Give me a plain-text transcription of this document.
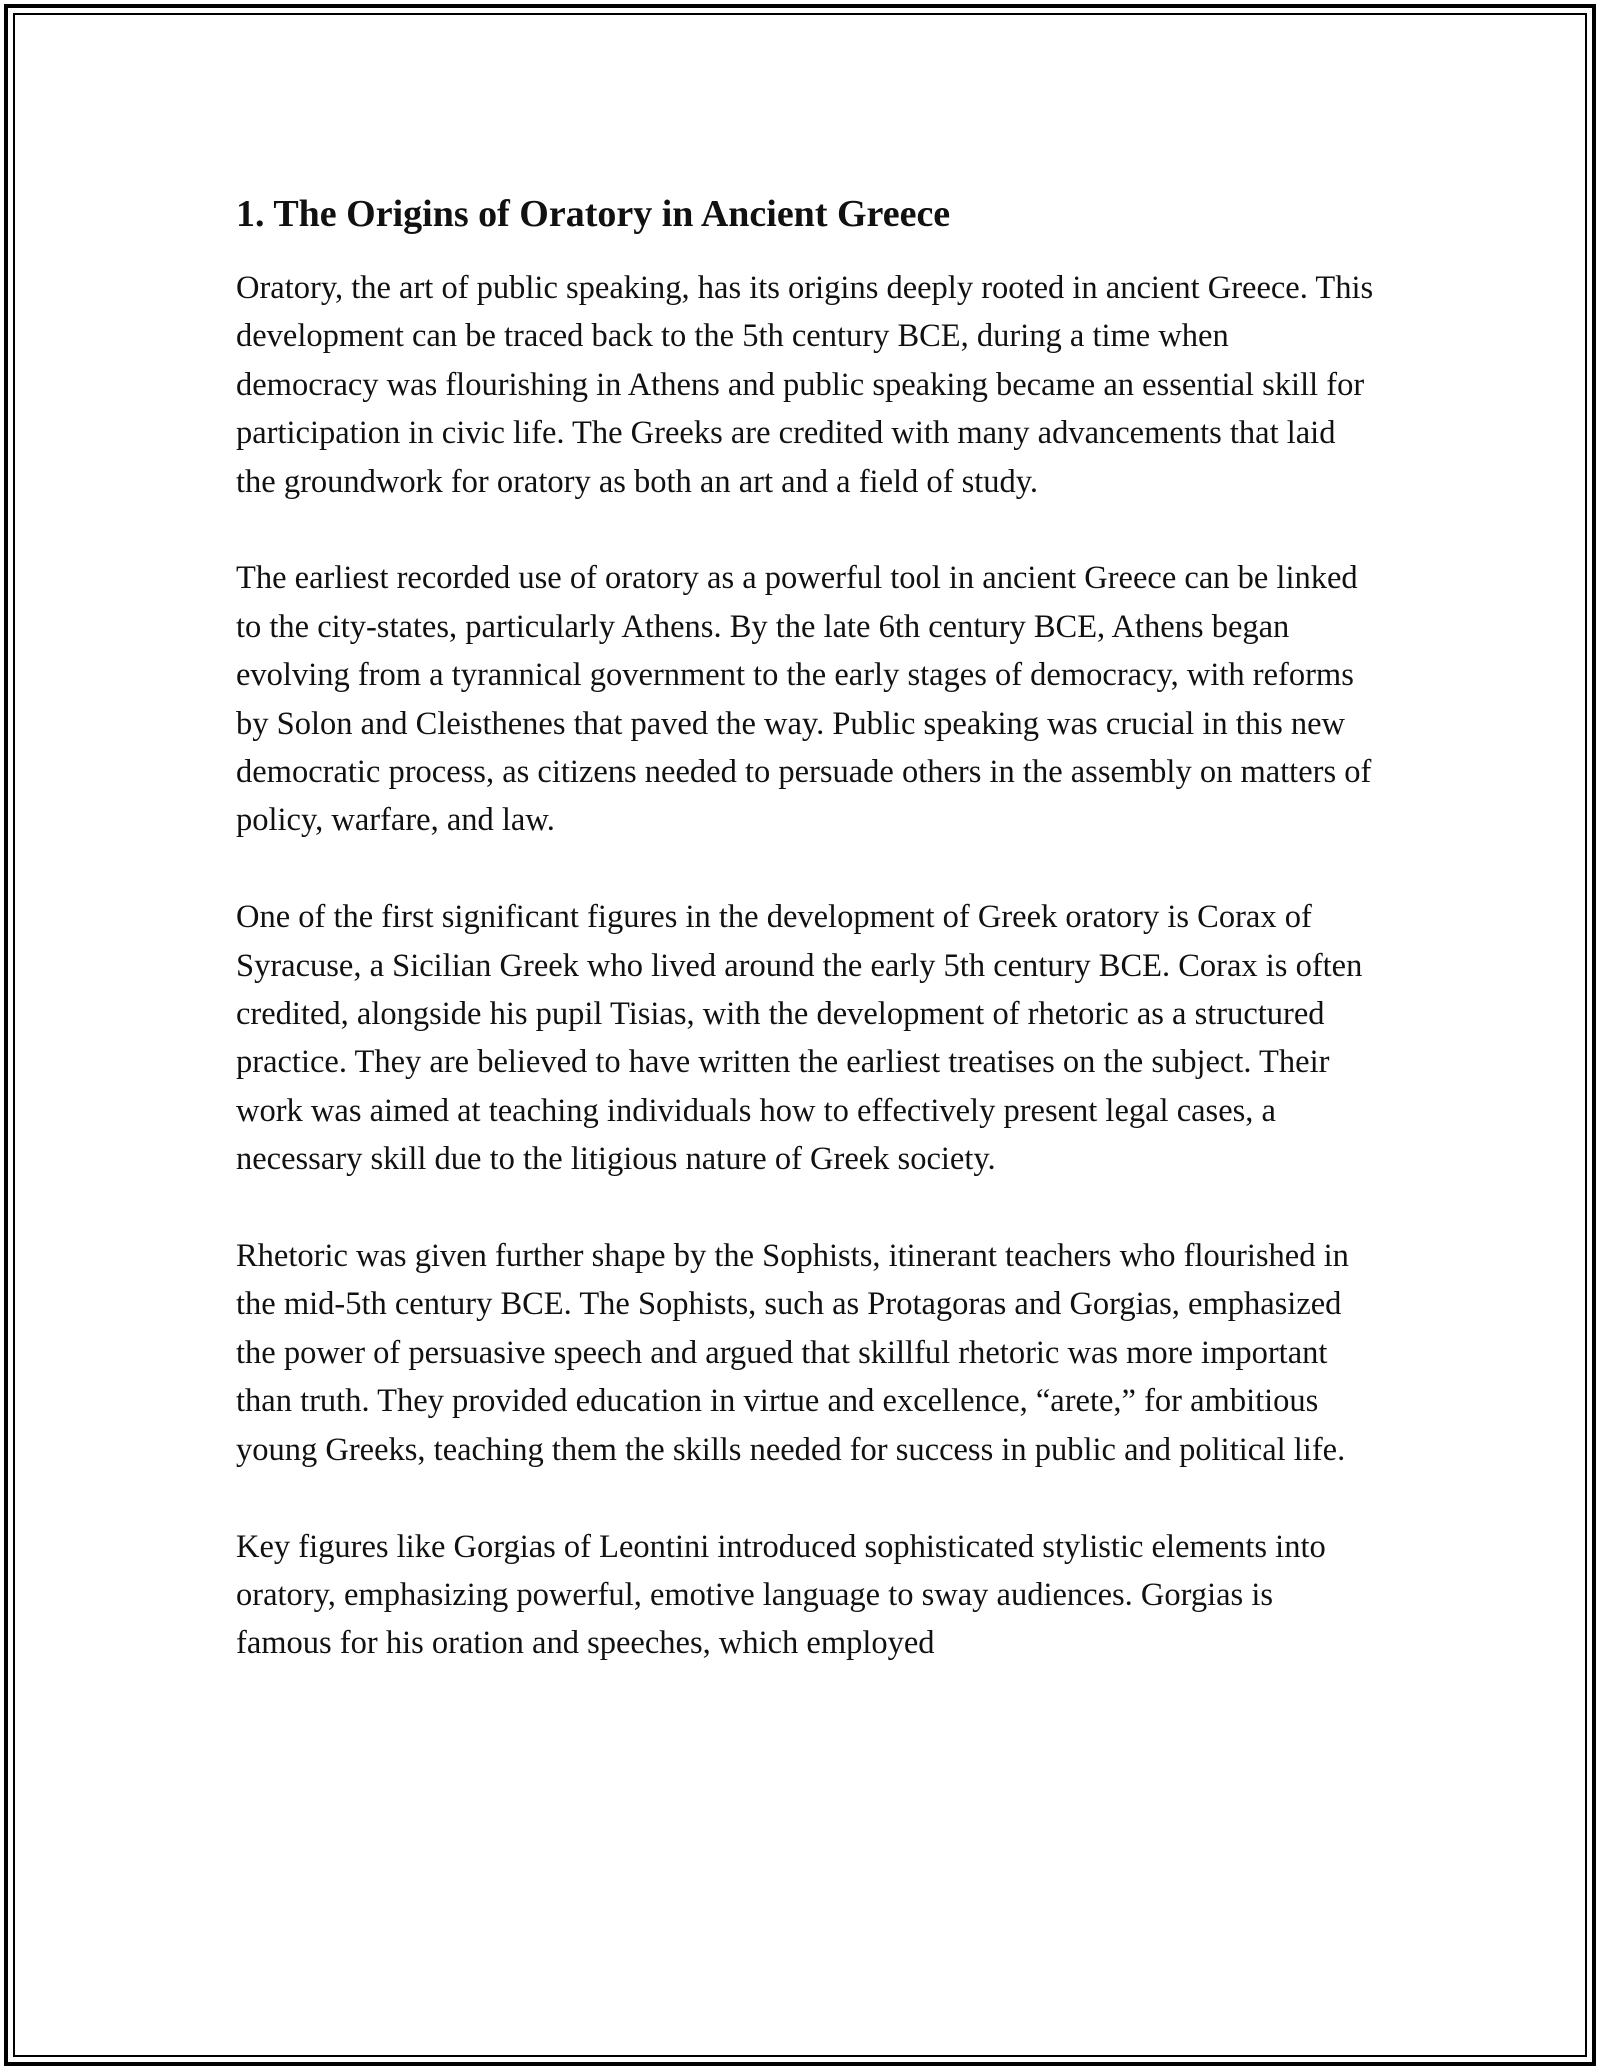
1. The Origins of Oratory in Ancient Greece

Oratory, the art of public speaking, has its origins deeply rooted in ancient Greece. This development can be traced back to the 5th century BCE, during a time when democracy was flourishing in Athens and public speaking became an essential skill for participation in civic life. The Greeks are credited with many advancements that laid the groundwork for oratory as both an art and a field of study.

The earliest recorded use of oratory as a powerful tool in ancient Greece can be linked to the city-states, particularly Athens. By the late 6th century BCE, Athens began evolving from a tyrannical government to the early stages of democracy, with reforms by Solon and Cleisthenes that paved the way. Public speaking was crucial in this new democratic process, as citizens needed to persuade others in the assembly on matters of policy, warfare, and law.

One of the first significant figures in the development of Greek oratory is Corax of Syracuse, a Sicilian Greek who lived around the early 5th century BCE. Corax is often credited, alongside his pupil Tisias, with the development of rhetoric as a structured practice. They are believed to have written the earliest treatises on the subject. Their work was aimed at teaching individuals how to effectively present legal cases, a necessary skill due to the litigious nature of Greek society.

Rhetoric was given further shape by the Sophists, itinerant teachers who flourished in the mid-5th century BCE. The Sophists, such as Protagoras and Gorgias, emphasized the power of persuasive speech and argued that skillful rhetoric was more important than truth. They provided education in virtue and excellence, “arete,” for ambitious young Greeks, teaching them the skills needed for success in public and political life.

Key figures like Gorgias of Leontini introduced sophisticated stylistic elements into oratory, emphasizing powerful, emotive language to sway audiences. Gorgias is famous for his oration and speeches, which employed
